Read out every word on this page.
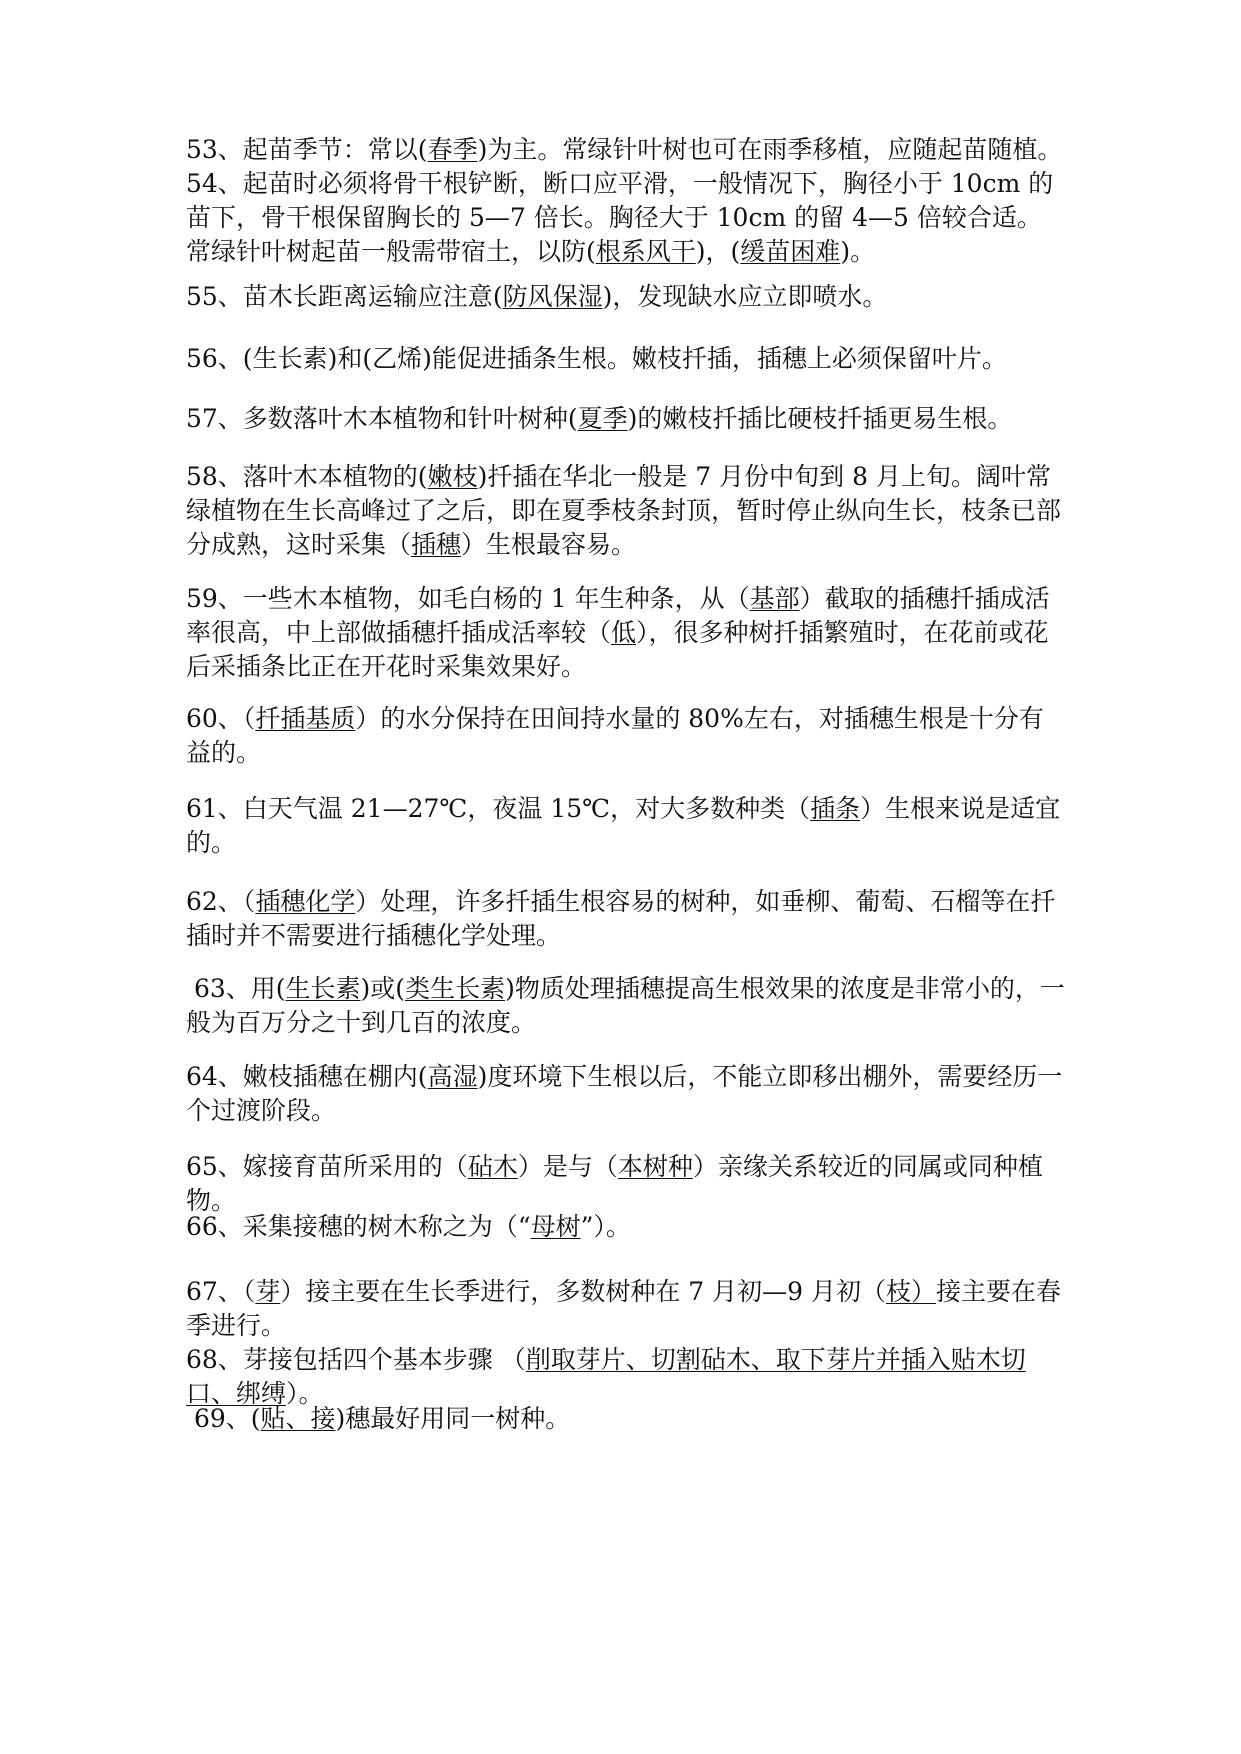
53、起苗季节：常以(春季)为主。常绿针叶树也可在雨季移植，应随起苗随植。
54、起苗时必须将骨干根铲断，断口应平滑，一般情况下，胸径小于 10cm 的苗下，骨干根保留胸长的 5—7 倍长。胸径大于 10cm 的留 4—5 倍较合适。常绿针叶树起苗一般需带宿土，以防(根系风干)，(缓苗困难)。
55、苗木长距离运输应注意(防风保湿)，发现缺水应立即喷水。
56、(生长素)和(乙烯)能促进插条生根。嫩枝扦插，插穗上必须保留叶片。
57、多数落叶木本植物和针叶树种(夏季)的嫩枝扦插比硬枝扦插更易生根。
58、落叶木本植物的(嫩枝)扦插在华北一般是 7 月份中旬到 8 月上旬。阔叶常绿植物在生长高峰过了之后，即在夏季枝条封顶，暂时停止纵向生长，枝条已部分成熟，这时采集（插穗）生根最容易。
59、一些木本植物，如毛白杨的 1 年生种条，从（基部）截取的插穗扦插成活率很高，中上部做插穗扦插成活率较（低），很多种树扦插繁殖时，在花前或花后采插条比正在开花时采集效果好。
60、（扦插基质）的水分保持在田间持水量的 80%左右，对插穗生根是十分有益的。
61、白天气温 21—27℃，夜温 15℃，对大多数种类（插条）生根来说是适宜的。
62、（插穗化学）处理，许多扦插生根容易的树种，如垂柳、葡萄、石榴等在扦插时并不需要进行插穗化学处理。
63、用(生长素)或(类生长素)物质处理插穗提高生根效果的浓度是非常小的，一般为百万分之十到几百的浓度。
64、嫩枝插穗在棚内(高湿)度环境下生根以后，不能立即移出棚外，需要经历一个过渡阶段。
65、嫁接育苗所采用的（砧木）是与（本树种）亲缘关系较近的同属或同种植物。
66、采集接穗的树木称之为（“母树”）。
67、（芽）接主要在生长季进行，多数树种在 7 月初—9 月初（枝）接主要在春季进行。
68、芽接包括四个基本步骤 （削取芽片、切割砧木、取下芽片并插入贴木切口、绑缚）。
69、(贴、接)穗最好用同一树种。
